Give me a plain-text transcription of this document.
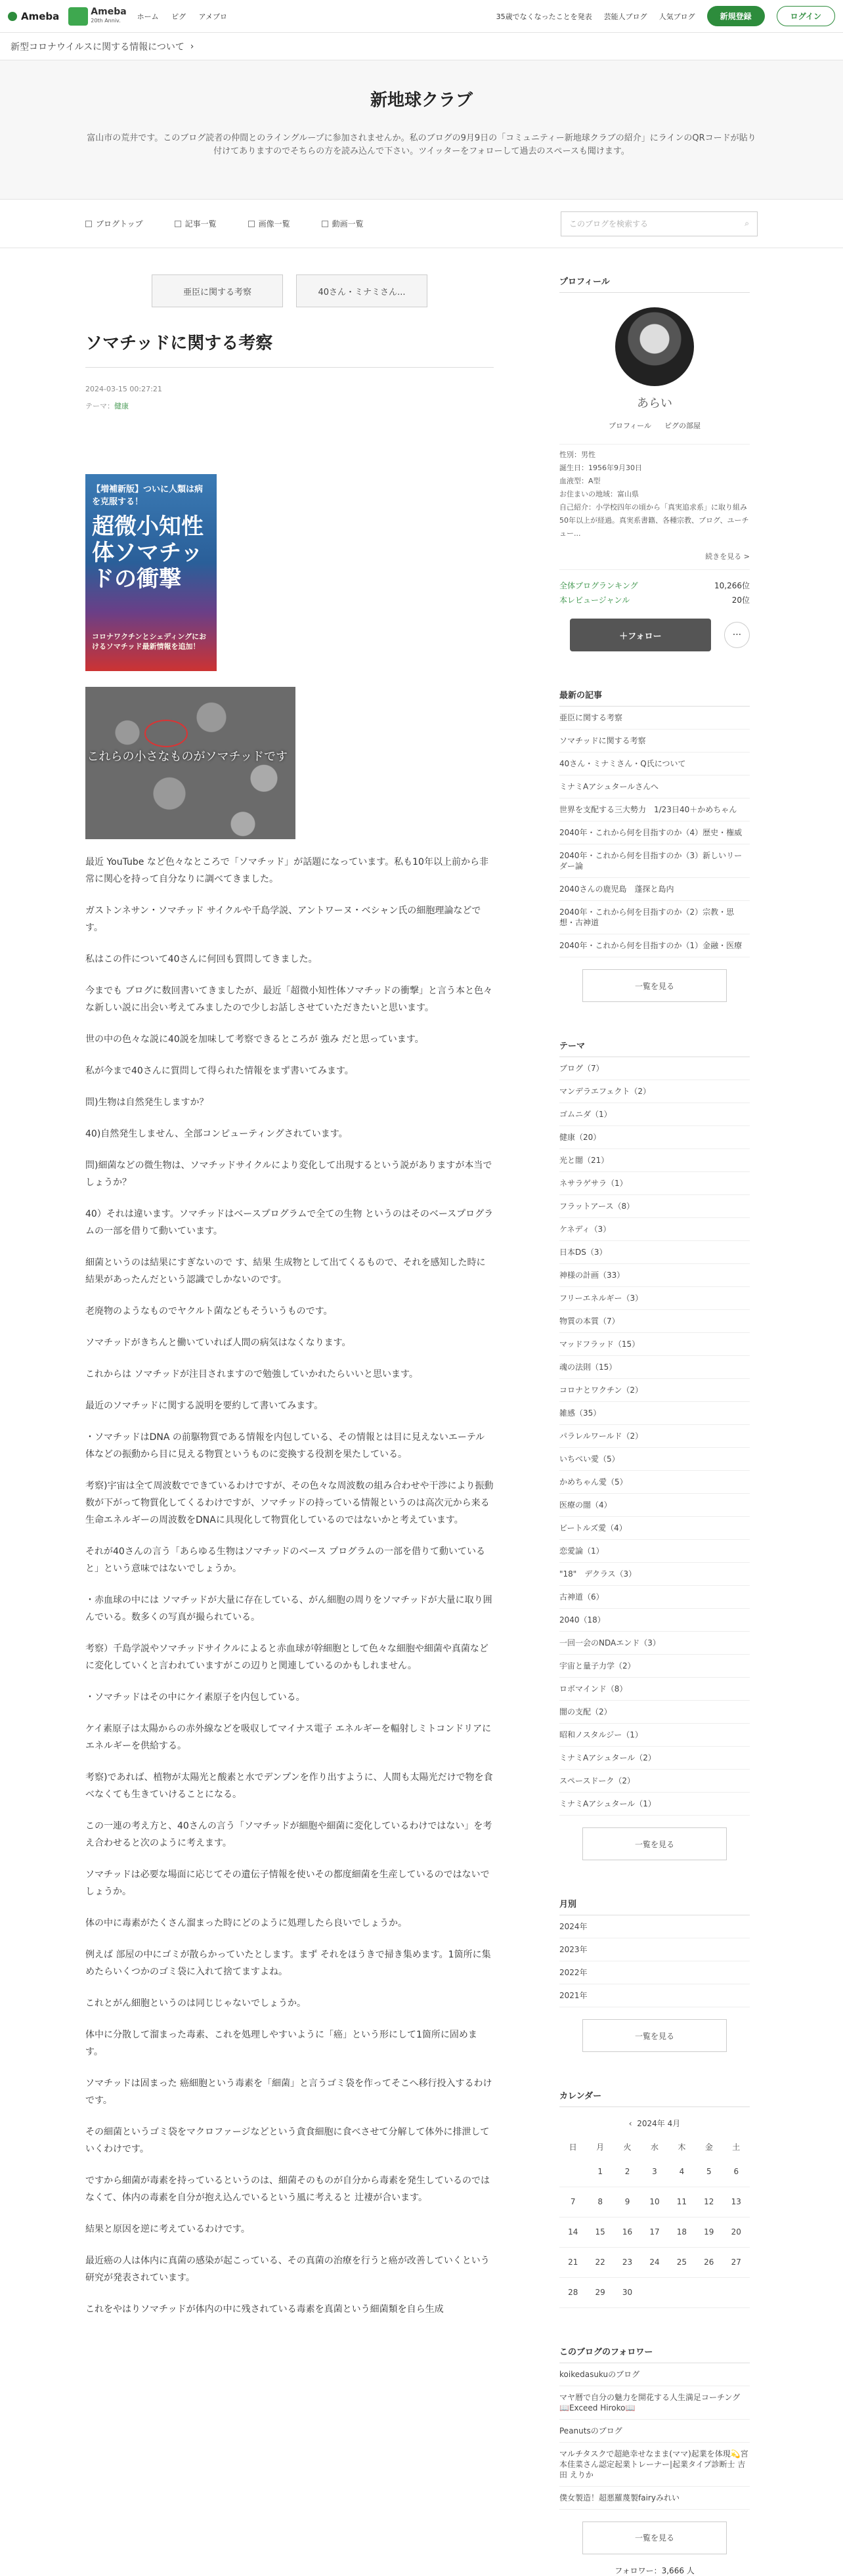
Ameba	Ameba
20th Anniv.	ホーム ピグ アメブロ	35歳でなくなったことを発表 芸能人ブログ 人気ブログ	新規登録	ログイン
新型コロナウイルスに関する情報について
›
新地球クラブ

富山市の荒井です。このブログ読者の仲間とのライングループに参加されませんか。私のブログの9月9日の「コミュニティー新地球クラブの紹介」にラインのQRコードが貼り付けてありますのでそちらの方を読み込んで下さい。ツイッターをフォローして過去のスペースも聞けます。

ブログトップ	記事一覧	画像一覧	動画一覧	このブログを検索する	⌕
亜臣に関する考察	40さん・ミナミさん...
ソマチッドに関する考察
2024-03-15 00:27:21
テーマ：健康
【増補新版】ついに人類は病を克服する！
超微小知性体ソマチッドの衝撃
コロナワクチンとシェディングにおけるソマチッド最新情報を追加！
これらの小さなものがソマチッドです

最近 YouTube など色々なところで「ソマチッド」が話題になっています。私も10年以上前から非常に関心を持って自分なりに調べてきました。

ガストンネサン・ソマチッド サイクルや千島学説、アントワーヌ・ベシャン氏の細胞理論などです。

私はこの件について40さんに何回も質問してきました。

今までも ブログに数回書いてきましたが、最近「超微小知性体ソマチッドの衝撃」と言う本と色々な新しい説に出会い考えてみましたので少しお話しさせていただきたいと思います。

世の中の色々な説に40説を加味して考察できるところが 強み だと思っています。

私が今まで40さんに質問して得られた情報をまず書いてみます。

問)生物は自然発生しますか？

40)自然発生しません、全部コンピューティングされています。

問)細菌などの微生物は、ソマチッドサイクルにより変化して出現するという説がありますが本当でしょうか？

40）それは違います。ソマチッドはベースプログラムで全ての生物 というのはそのベースプログラムの一部を借りて動いています。

細菌というのは結果にすぎないので す、結果 生成物として出てくるもので、それを感知した時に結果があったんだという認識でしかないのです。

老廃物のようなものでヤクルト菌などもそういうものです。

ソマチッドがきちんと働いていれば人間の病気はなくなります。

これからは ソマチッドが注目されますので勉強していかれたらいいと思います。

最近のソマチッドに関する説明を要約して書いてみます。

・ソマチッドはDNA の前駆物質である情報を内包している、その情報とは目に見えないエーテル体などの振動から目に見える物質というものに変換する役割を果たしている。

考察)宇宙は全て周波数でできているわけですが、その色々な周波数の組み合わせや干渉により振動数が下がって物質化してくるわけですが、ソマチッドの持っている情報というのは高次元から来る生命エネルギーの周波数をDNAに具現化して物質化しているのではないかと考えています。

それが40さんの言う「あらゆる生物はソマチッドのベース プログラムの一部を借りて動いていると」という意味ではないでしょうか。

・赤血球の中には ソマチッドが大量に存在している、がん細胞の周りをソマチッドが大量に取り囲んでいる。数多くの写真が撮られている。

考察）千島学説やソマチッドサイクルによると赤血球が幹細胞として色々な細胞や細菌や真菌などに変化していくと言われていますがこの辺りと関連しているのかもしれません。

・ソマチッドはその中にケイ素原子を内包している。

ケイ素原子は太陽からの赤外線などを吸収してマイナス電子 エネルギーを輻射しミトコンドリアにエネルギーを供給する。

考察)であれば、植物が太陽光と酸素と水でデンプンを作り出すように、人間も太陽光だけで物を食べなくても生きていけることになる。

この一連の考え方と、40さんの言う「ソマチッドが細胞や細菌に変化しているわけではない」を考え合わせると次のように考えます。

ソマチッドは必要な場面に応じてその遺伝子情報を使いその都度細菌を生産しているのではないでしょうか。

体の中に毒素がたくさん溜まった時にどのように処理したら良いでしょうか。

例えば 部屋の中にゴミが散らかっていたとします。まず それをほうきで掃き集めます。1箇所に集めたらいくつかのゴミ袋に入れて捨てますよね。

これとがん細胞というのは同じじゃないでしょうか。

体中に分散して溜まった毒素、これを処理しやすいように「癌」という形にして1箇所に固めます。

ソマチッドは固まった 癌細胞という毒素を「細菌」と言うゴミ袋を作ってそこへ移行投入するわけです。

その細菌というゴミ袋をマクロファージなどという貪食細胞に食べさせて分解して体外に排泄していくわけです。

ですから細菌が毒素を持っているというのは、細菌そのものが自分から毒素を発生しているのではなくて、体内の毒素を自分が抱え込んでいるという風に考えると 辻褄が合います。

結果と原因を逆に考えているわけです。

最近癌の人は体内に真菌の感染が起こっている、その真菌の治療を行うと癌が改善していくという研究が発表されています。

これをやはりソマチッドが体内の中に残されている毒素を真菌という細菌類を自ら生成

プロフィール
あらい
プロフィール ピグの部屋
性別：男性
誕生日：1956年9月30日
血液型：A型
お住まいの地域：富山県
自己紹介：小学校四年の頃から「真実追求系」に取り組み50年以上が経過。真実系書籍、各種宗教、ブログ、ユーチュー...
続きを見る >
全体ブログランキング	10,266位
本レビュージャンル	20位
＋フォロー	···
最新の記事
亜臣に関する考察
ソマチッドに関する考察
40さん・ミナミさん・Q氏について
ミナミAアシュタールさんへ
世界を支配する三大勢力　1/23日40＋かめちゃん
2040年・これから何を目指すのか（4）歴史・権威
2040年・これから何を目指すのか（3）新しいリーダー論
2040さんの鹿児島　蓬探と島内
2040年・これから何を目指すのか（2）宗教・思想・古神道
2040年・これから何を目指すのか（1）金融・医療
一覧を見る
テーマ
ブログ（7）
マンデラエフェクト（2）
ゴムニダ（1）
健康（20）
光と闇（21）
ネサラゲサラ（1）
フラットアース（8）
ケネディ（3）
日本DS（3）
神様の計画（33）
フリーエネルギー（3）
物質の本質（7）
マッドフラッド（15）
魂の法則（15）
コロナとワクチン（2）
雑感（35）
パラレルワールド（2）
いちべい愛（5）
かめちゃん愛（5）
医療の闇（4）
ビートルズ愛（4）
恋愛論（1）
"18"　デクラス（3）
古神道（6）
2040（18）
一回一会のNDAエンド（3）
宇宙と量子力学（2）
ロボマインド（8）
闇の支配（2）
昭和ノスタルジー（1）
ミナミAアシュタール（2）
スペースドーク（2）
ミナミAアシュタール（1）
一覧を見る
月別
2024年
2023年
2022年
2021年
一覧を見る
カレンダー
‹ 2024年 4月
日	月	火	水	木	金	土
	1	2	3	4	5	6
7	8	9	10	11	12	13
14	15	16	17	18	19	20
21	22	23	24	25	26	27
28	29	30				
このブログのフォロワー
koikedasukuのブログ
マヤ暦で自分の魅力を開花する人生満足コーチング📖Exceed Hiroko📖
Peanutsのブログ
マルチタスクで超絶幸せなまま(ママ)起業を体現💫宮本佳菜さん認定起業トレーナー|起業タイプ診断士 吉田 えりか
僕女製造！超悪羅蔑製fairyみれい
一覧を見る
フォロワー：3,666 人
